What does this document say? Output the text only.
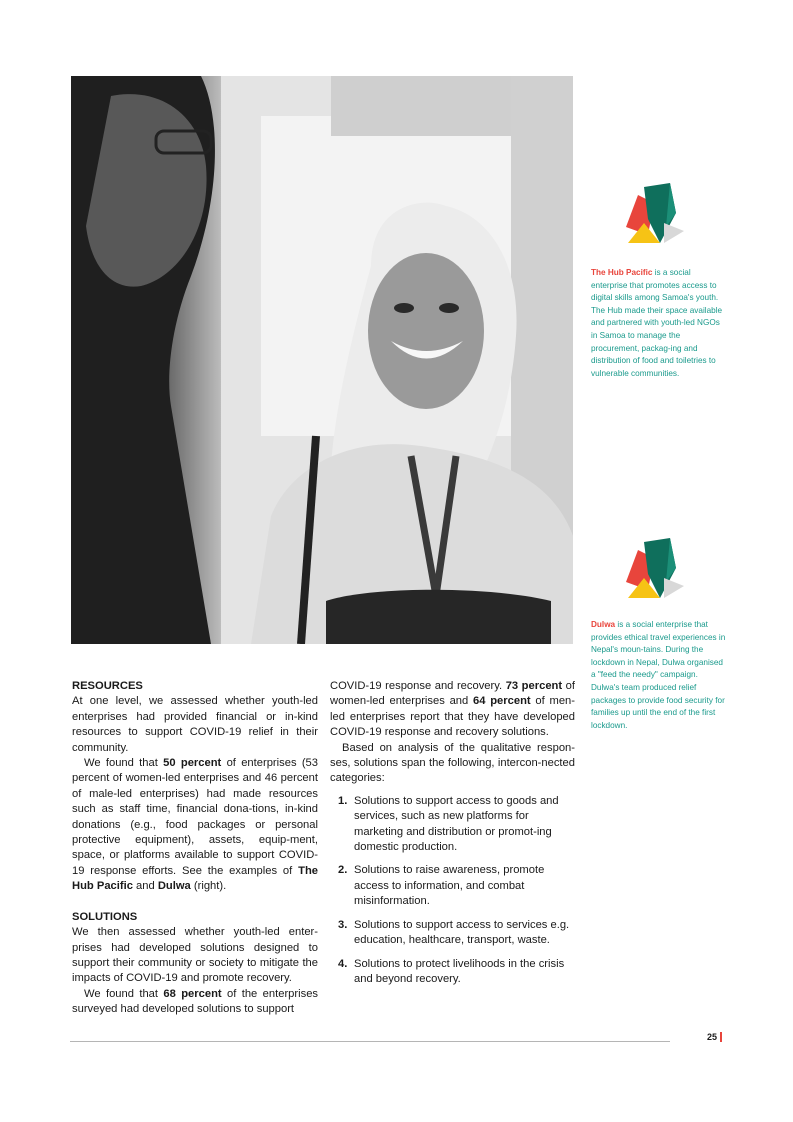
The Hub Pacific is a social enterprise that promotes access to digital skills among Samoa's youth. The Hub made their space available and partnered with youth-led NGOs in Samoa to manage the procurement, packag-ing and distribution of food and toiletries to vulnerable communities.
Dulwa is a social enterprise that provides ethical travel experiences in Nepal's moun-tains. During the lockdown in Nepal, Dulwa organised a "feed the needy" campaign. Dulwa's team produced relief packages to provide food security for families up until the end of the first lockdown.
RESOURCES

At one level, we assessed whether youth-led enterprises had provided financial or in-kind resources to support COVID-19 relief in their community.

We found that 50 percent of enterprises (53 percent of women-led enterprises and 46 percent of male-led enterprises) had made resources such as staff time, financial dona-tions, in-kind donations (e.g., food packages or personal protective equipment), assets, equip-ment, space, or platforms available to support COVID-19 response efforts. See the examples of The Hub Pacific and Dulwa (right).

SOLUTIONS

We then assessed whether youth-led enter-prises had developed solutions designed to support their community or society to mitigate the impacts of COVID-19 and promote recovery.

We found that 68 percent of the enterprises surveyed had developed solutions to support

COVID-19 response and recovery. 73 percent of women-led enterprises and 64 percent of men-led enterprises report that they have developed COVID-19 response and recovery solutions.

Based on analysis of the qualitative respon-ses, solutions span the following, intercon-nected categories:

1. Solutions to support access to goods and services, such as new platforms for marketing and distribution or promot-ing domestic production.
2. Solutions to raise awareness, promote access to information, and combat misinformation.
3. Solutions to support access to services e.g. education, healthcare, transport, waste.
4. Solutions to protect livelihoods in the crisis and beyond recovery.
25
